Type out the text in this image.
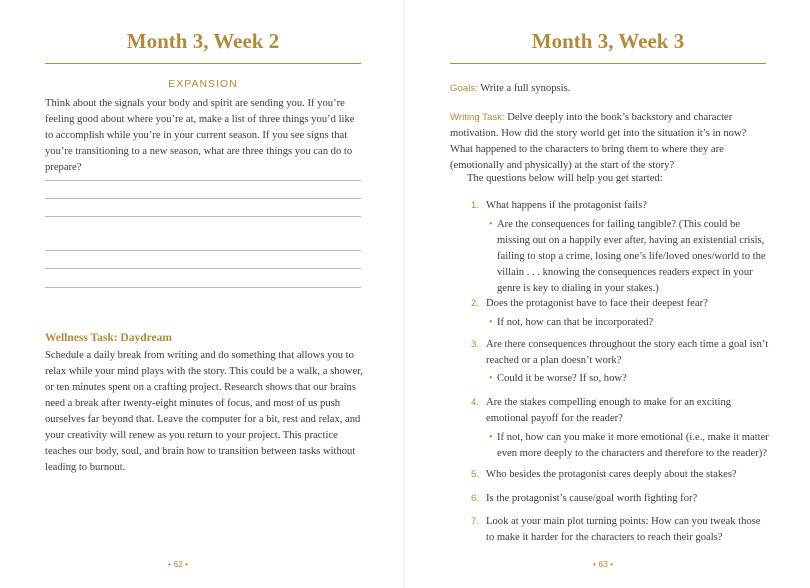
Month 3, Week 2
EXPANSION

Think about the signals your body and spirit are sending you. If you’re feeling good about where you’re at, make a list of three things you’d like to accomplish while you’re in your current season. If you see signs that you’re transitioning to a new season, what are three things you can do to prepare?

Wellness Task: Daydream

Schedule a daily break from writing and do something that allows you to relax while your mind plays with the story. This could be a walk, a shower, or ten minutes spent on a crafting project. Research shows that our brains need a break after twenty-eight minutes of focus, and most of us push ourselves far beyond that. Leave the computer for a bit, rest and relax, and your creativity will renew as you return to your project. This practice teaches our body, soul, and brain how to transition between tasks without leading to burnout.

• 62 •
Month 3, Week 3

Goals: Write a full synopsis.

Writing Task: Delve deeply into the book’s backstory and character motivation. How did the story world get into the situation it’s in now? What happened to the characters to bring them to where they are (emotionally and physically) at the start of the story?

The questions below will help you get started:

1. What happens if the protagonist fails?
• Are the consequences for failing tangible? (This could be missing out on a happily ever after, having an existential crisis, failing to stop a crime, losing one’s life/loved ones/world to the villain . . . knowing the consequences readers expect in your genre is key to dialing in your stakes.)
2. Does the protagonist have to face their deepest fear?
• If not, how can that be incorporated?
3. Are there consequences throughout the story each time a goal isn’t reached or a plan doesn’t work?
• Could it be worse? If so, how?
4. Are the stakes compelling enough to make for an exciting emotional payoff for the reader?
• If not, how can you make it more emotional (i.e., make it matter even more deeply to the characters and therefore to the reader)?
5. Who besides the protagonist cares deeply about the stakes?
6. Is the protagonist’s cause/goal worth fighting for?
7. Look at your main plot turning points: How can you tweak those to make it harder for the characters to reach their goals?
• 63 •
